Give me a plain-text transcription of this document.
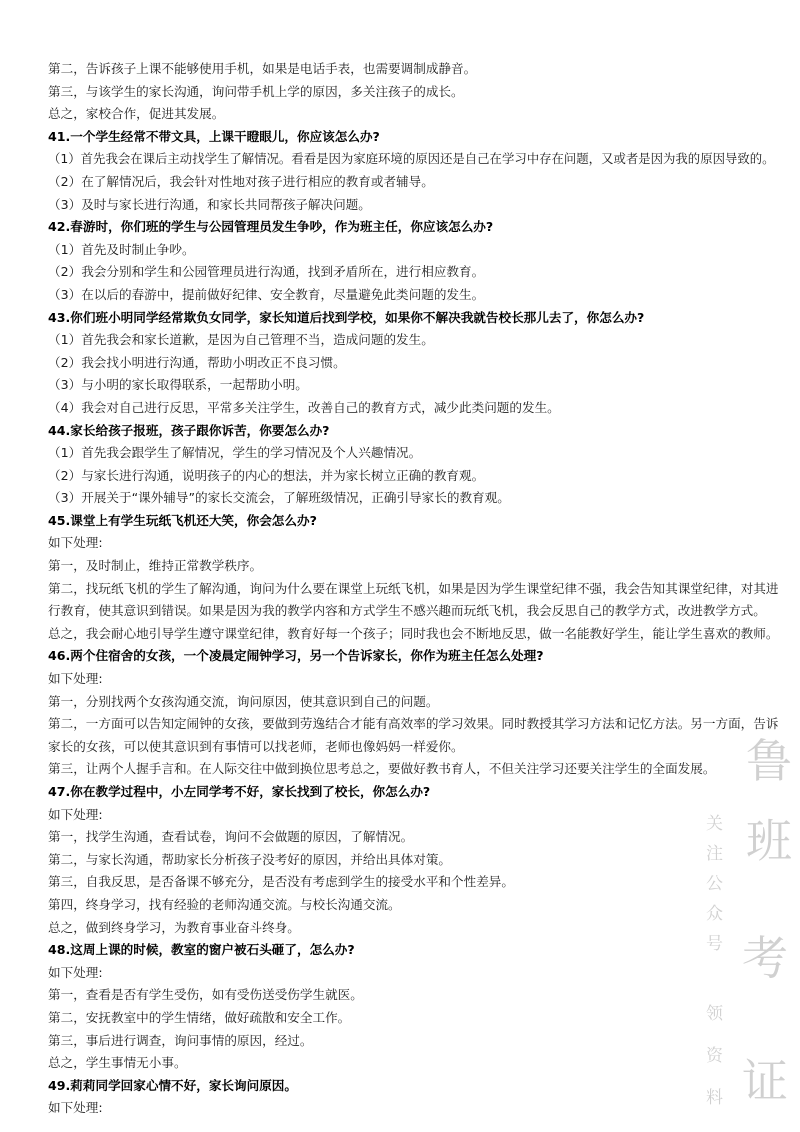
第二，告诉孩子上课不能够使用手机，如果是电话手表，也需要调制成静音。
第三，与该学生的家长沟通，询问带手机上学的原因，多关注孩子的成长。
总之，家校合作，促进其发展。
41.一个学生经常不带文具，上课干瞪眼儿，你应该怎么办?
（1）首先我会在课后主动找学生了解情况。看看是因为家庭环境的原因还是自己在学习中存在问题，又或者是因为我的原因导致的。
（2）在了解情况后，我会针对性地对孩子进行相应的教育或者辅导。
（3）及时与家长进行沟通，和家长共同帮孩子解决问题。
42.春游时，你们班的学生与公园管理员发生争吵，作为班主任，你应该怎么办?
（1）首先及时制止争吵。
（2）我会分别和学生和公园管理员进行沟通，找到矛盾所在，进行相应教育。
（3）在以后的春游中，提前做好纪律、安全教育，尽量避免此类问题的发生。
43.你们班小明同学经常欺负女同学，家长知道后找到学校，如果你不解决我就告校长那儿去了，你怎么办?
（1）首先我会和家长道歉，是因为自己管理不当，造成问题的发生。
（2）我会找小明进行沟通，帮助小明改正不良习惯。
（3）与小明的家长取得联系，一起帮助小明。
（4）我会对自己进行反思，平常多关注学生，改善自己的教育方式，减少此类问题的发生。
44.家长给孩子报班，孩子跟你诉苦，你要怎么办?
（1）首先我会跟学生了解情况，学生的学习情况及个人兴趣情况。
（2）与家长进行沟通，说明孩子的内心的想法，并为家长树立正确的教育观。
（3）开展关于“课外辅导”的家长交流会，了解班级情况，正确引导家长的教育观。
45.课堂上有学生玩纸飞机还大笑，你会怎么办?
如下处理:
第一，及时制止，维持正常教学秩序。
第二，找玩纸飞机的学生了解沟通，询问为什么要在课堂上玩纸飞机，如果是因为学生课堂纪律不强，我会告知其课堂纪律，对其进
行教育，使其意识到错误。如果是因为我的教学内容和方式学生不感兴趣而玩纸飞机，我会反思自己的教学方式，改进教学方式。
总之，我会耐心地引导学生遵守课堂纪律，教育好每一个孩子；同时我也会不断地反思，做一名能教好学生，能让学生喜欢的教师。
46.两个住宿舍的女孩，一个凌晨定闹钟学习，另一个告诉家长，你作为班主任怎么处理?
如下处理:
第一，分别找两个女孩沟通交流，询问原因，使其意识到自己的问题。
第二，一方面可以告知定闹钟的女孩，要做到劳逸结合才能有高效率的学习效果。同时教授其学习方法和记忆方法。另一方面，告诉
家长的女孩，可以使其意识到有事情可以找老师，老师也像妈妈一样爱你。
第三，让两个人握手言和。在人际交往中做到换位思考总之，要做好教书育人，不但关注学习还要关注学生的全面发展。
47.你在教学过程中，小左同学考不好，家长找到了校长，你怎么办?
如下处理:
第一，找学生沟通，查看试卷，询问不会做题的原因，了解情况。
第二，与家长沟通，帮助家长分析孩子没考好的原因，并给出具体对策。
第三，自我反思，是否备课不够充分，是否没有考虑到学生的接受水平和个性差异。
第四，终身学习，找有经验的老师沟通交流。与校长沟通交流。
总之，做到终身学习，为教育事业奋斗终身。
48.这周上课的时候，教室的窗户被石头砸了，怎么办?
如下处理:
第一，查看是否有学生受伤，如有受伤送受伤学生就医。
第二，安抚教室中的学生情绪，做好疏散和安全工作。
第三，事后进行调查，询问事情的原因，经过。
总之，学生事情无小事。
49.莉莉同学回家心情不好，家长询问原因。
如下处理:
鲁
班
考
证
关
注
公
众
号
领
资
料
